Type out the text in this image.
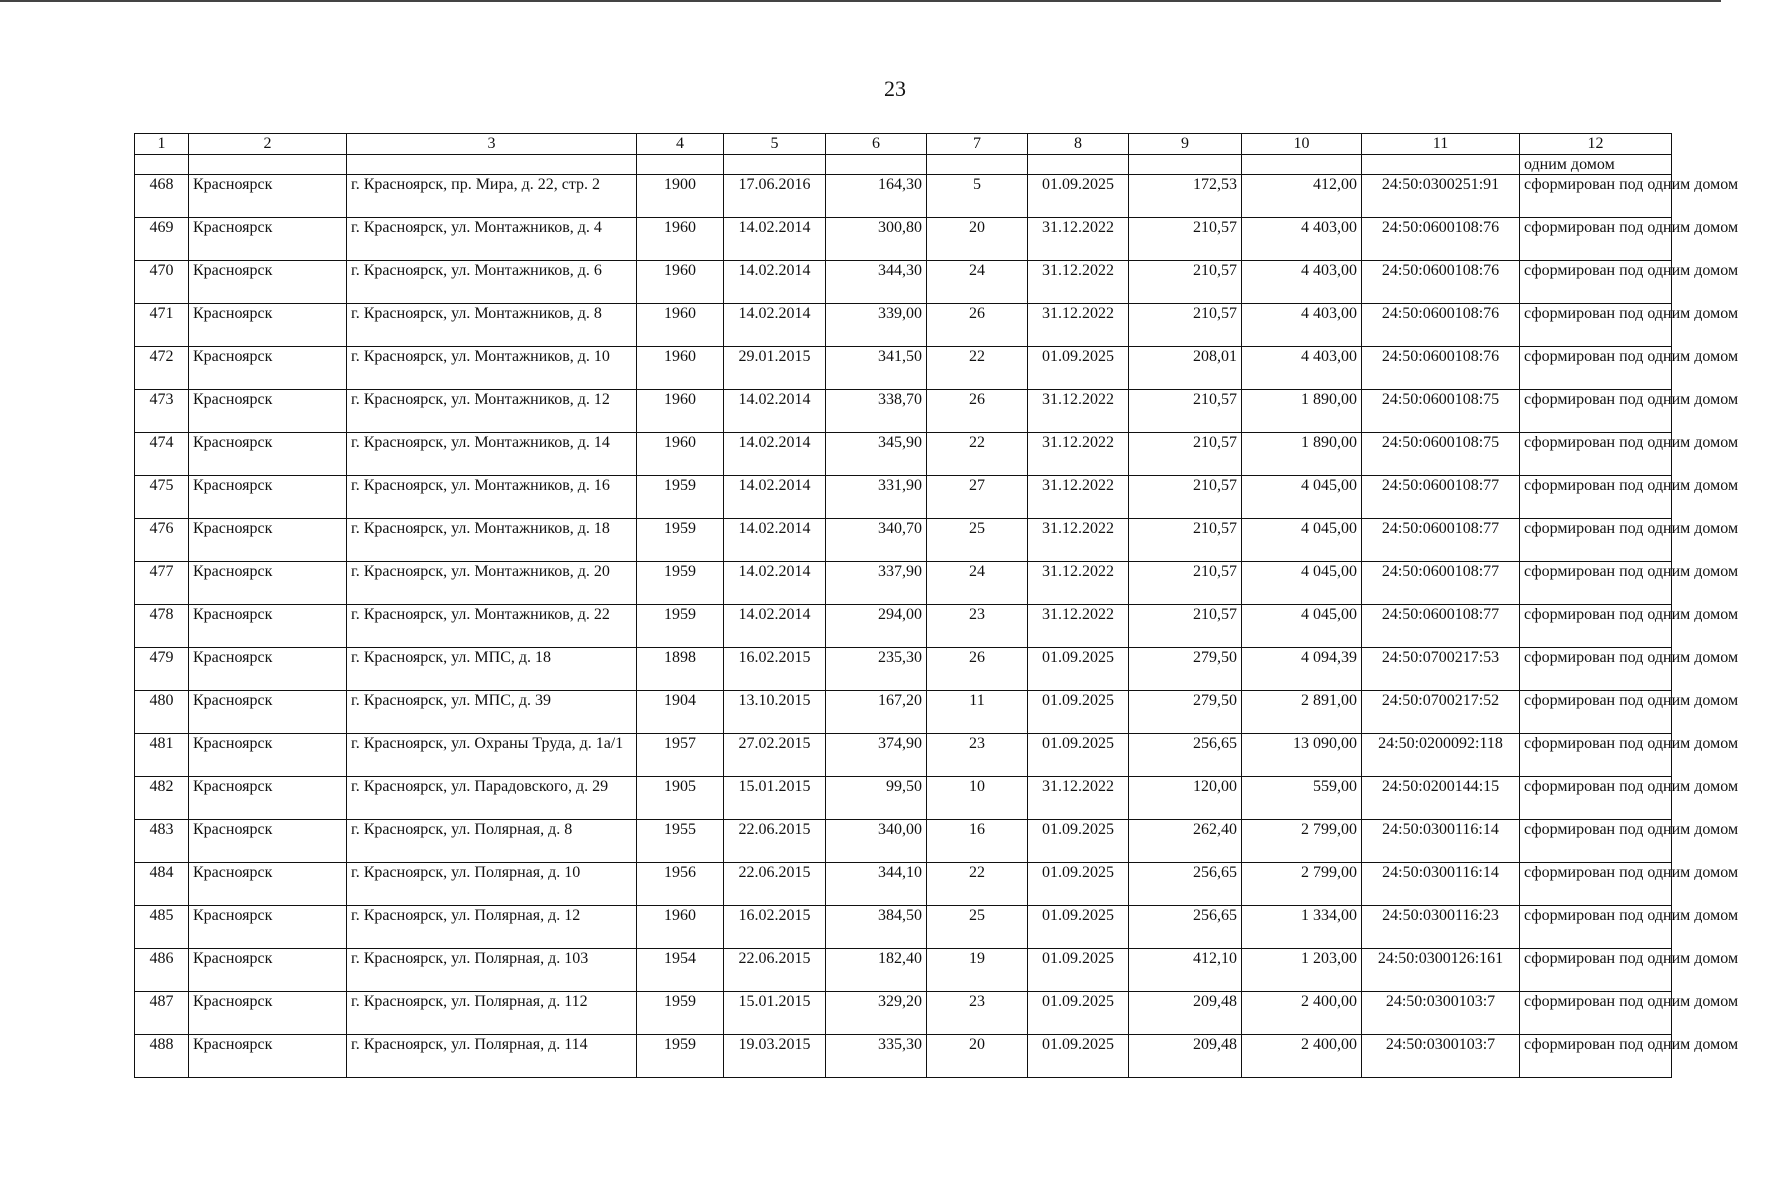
23
1	2	3	4	5	6	7	8	9	10	11	12
											одним домом
468	Красноярск	г. Красноярск, пр. Мира, д. 22, стр. 2	1900	17.06.2016	164,30	5	01.09.2025	172,53	412,00	24:50:0300251:91	сформирован под одним домом
469	Красноярск	г. Красноярск, ул. Монтажников, д. 4	1960	14.02.2014	300,80	20	31.12.2022	210,57	4 403,00	24:50:0600108:76	сформирован под одним домом
470	Красноярск	г. Красноярск, ул. Монтажников, д. 6	1960	14.02.2014	344,30	24	31.12.2022	210,57	4 403,00	24:50:0600108:76	сформирован под одним домом
471	Красноярск	г. Красноярск, ул. Монтажников, д. 8	1960	14.02.2014	339,00	26	31.12.2022	210,57	4 403,00	24:50:0600108:76	сформирован под одним домом
472	Красноярск	г. Красноярск, ул. Монтажников, д. 10	1960	29.01.2015	341,50	22	01.09.2025	208,01	4 403,00	24:50:0600108:76	сформирован под одним домом
473	Красноярск	г. Красноярск, ул. Монтажников, д. 12	1960	14.02.2014	338,70	26	31.12.2022	210,57	1 890,00	24:50:0600108:75	сформирован под одним домом
474	Красноярск	г. Красноярск, ул. Монтажников, д. 14	1960	14.02.2014	345,90	22	31.12.2022	210,57	1 890,00	24:50:0600108:75	сформирован под одним домом
475	Красноярск	г. Красноярск, ул. Монтажников, д. 16	1959	14.02.2014	331,90	27	31.12.2022	210,57	4 045,00	24:50:0600108:77	сформирован под одним домом
476	Красноярск	г. Красноярск, ул. Монтажников, д. 18	1959	14.02.2014	340,70	25	31.12.2022	210,57	4 045,00	24:50:0600108:77	сформирован под одним домом
477	Красноярск	г. Красноярск, ул. Монтажников, д. 20	1959	14.02.2014	337,90	24	31.12.2022	210,57	4 045,00	24:50:0600108:77	сформирован под одним домом
478	Красноярск	г. Красноярск, ул. Монтажников, д. 22	1959	14.02.2014	294,00	23	31.12.2022	210,57	4 045,00	24:50:0600108:77	сформирован под одним домом
479	Красноярск	г. Красноярск, ул. МПС, д. 18	1898	16.02.2015	235,30	26	01.09.2025	279,50	4 094,39	24:50:0700217:53	сформирован под одним домом
480	Красноярск	г. Красноярск, ул. МПС, д. 39	1904	13.10.2015	167,20	11	01.09.2025	279,50	2 891,00	24:50:0700217:52	сформирован под одним домом
481	Красноярск	г. Красноярск, ул. Охраны Труда, д. 1а/1	1957	27.02.2015	374,90	23	01.09.2025	256,65	13 090,00	24:50:0200092:118	сформирован под одним домом
482	Красноярск	г. Красноярск, ул. Парадовского, д. 29	1905	15.01.2015	99,50	10	31.12.2022	120,00	559,00	24:50:0200144:15	сформирован под одним домом
483	Красноярск	г. Красноярск, ул. Полярная, д. 8	1955	22.06.2015	340,00	16	01.09.2025	262,40	2 799,00	24:50:0300116:14	сформирован под одним домом
484	Красноярск	г. Красноярск, ул. Полярная, д. 10	1956	22.06.2015	344,10	22	01.09.2025	256,65	2 799,00	24:50:0300116:14	сформирован под одним домом
485	Красноярск	г. Красноярск, ул. Полярная, д. 12	1960	16.02.2015	384,50	25	01.09.2025	256,65	1 334,00	24:50:0300116:23	сформирован под одним домом
486	Красноярск	г. Красноярск, ул. Полярная, д. 103	1954	22.06.2015	182,40	19	01.09.2025	412,10	1 203,00	24:50:0300126:161	сформирован под одним домом
487	Красноярск	г. Красноярск, ул. Полярная, д. 112	1959	15.01.2015	329,20	23	01.09.2025	209,48	2 400,00	24:50:0300103:7	сформирован под одним домом
488	Красноярск	г. Красноярск, ул. Полярная, д. 114	1959	19.03.2015	335,30	20	01.09.2025	209,48	2 400,00	24:50:0300103:7	сформирован под одним домом
